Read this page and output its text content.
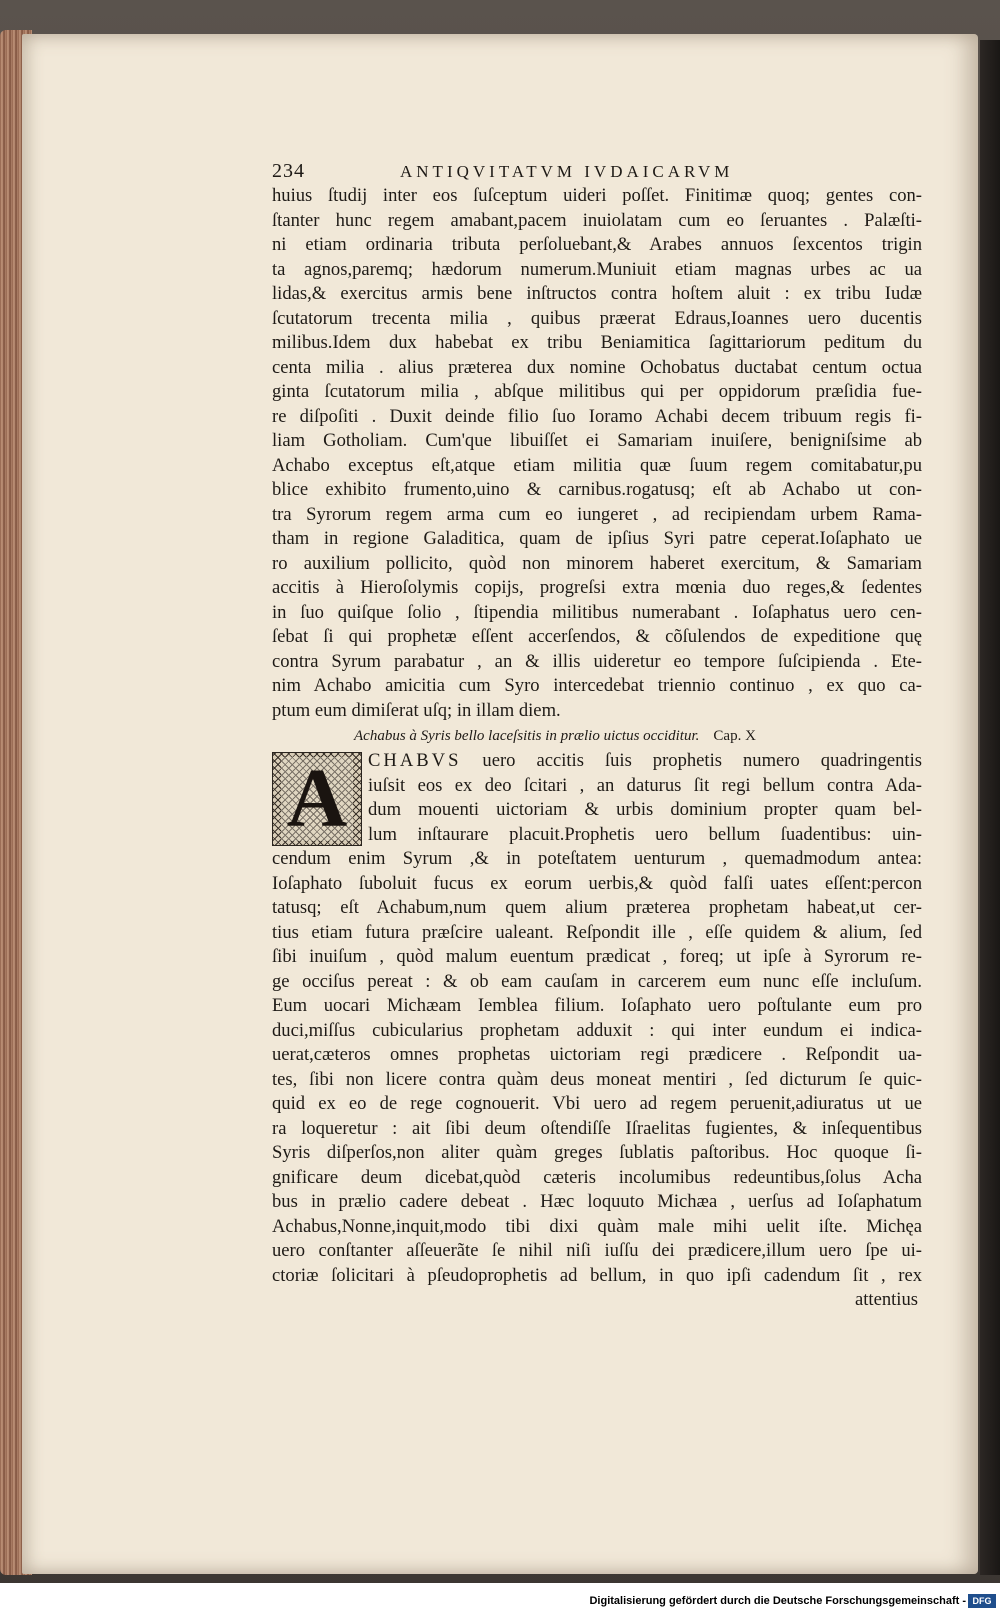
234	ANTIQVITATVM IVDAICARVM
huius ſtudij inter eos ſuſceptum uideri poſſet. Finitimæ quoq; gentes con-
ſtanter hunc regem amabant,pacem inuiolatam cum eo ſeruantes . Palæſti-
ni etiam ordinaria tributa perſoluebant,& Arabes annuos ſexcentos trigin
ta agnos,paremq; hædorum numerum.Muniuit etiam magnas urbes ac ua
lidas,& exercitus armis bene inſtructos contra hoſtem aluit : ex tribu Iudæ
ſcutatorum trecenta milia , quibus præerat Edraus,Ioannes uero ducentis
milibus.Idem dux habebat ex tribu Beniamitica ſagittariorum peditum du
centa milia . alius præterea dux nomine Ochobatus ductabat centum octua
ginta ſcutatorum milia , abſque militibus qui per oppidorum præſidia fue-
re diſpoſiti . Duxit deinde filio ſuo Ioramo Achabi decem tribuum regis fi-
liam Gotholiam. Cum'que libuiſſet ei Samariam inuiſere, benigniſsime ab
Achabo exceptus eſt,atque etiam militia quæ ſuum regem comitabatur,pu
blice exhibito frumento,uino & carnibus.rogatusq; eſt ab Achabo ut con-
tra Syrorum regem arma cum eo iungeret , ad recipiendam urbem Rama-
tham in regione Galaditica, quam de ipſius Syri patre ceperat.Ioſaphato ue
ro auxilium pollicito, quòd non minorem haberet exercitum, & Samariam
accitis à Hieroſolymis copijs, progreſsi extra mœnia duo reges,& ſedentes
in ſuo quiſque ſolio , ſtipendia militibus numerabant . Ioſaphatus uero cen-
ſebat ſi qui prophetæ eſſent accerſendos, & cõſulendos de expeditione quę
contra Syrum parabatur , an & illis uideretur eo tempore ſuſcipienda . Ete-
nim Achabo amicitia cum Syro intercedebat triennio continuo , ex quo ca-
ptum eum dimiſerat uſq; in illam diem.
Achabus à Syris bello laceſsitis in prælio uictus occiditur. Cap. X
A	CHABVS uero accitis ſuis prophetis numero quadringentis
iuſsit eos ex deo ſcitari , an daturus ſit regi bellum contra Ada-
dum mouenti uictoriam & urbis dominium propter quam bel-
lum inſtaurare placuit.Prophetis uero bellum ſuadentibus: uin-
cendum enim Syrum ,& in poteſtatem uenturum , quemadmodum antea:
Ioſaphato ſuboluit fucus ex eorum uerbis,& quòd falſi uates eſſent:percon
tatusq; eſt Achabum,num quem alium præterea prophetam habeat,ut cer-
tius etiam futura præſcire ualeant. Reſpondit ille , eſſe quidem & alium, ſed
ſibi inuiſum , quòd malum euentum prædicat , foreq; ut ipſe à Syrorum re-
ge occiſus pereat : & ob eam cauſam in carcerem eum nunc eſſe incluſum.
Eum uocari Michæam Iemblea filium. Ioſaphato uero poſtulante eum pro
duci,miſſus cubicularius prophetam adduxit : qui inter eundum ei indica-
uerat,cæteros omnes prophetas uictoriam regi prædicere . Reſpondit ua-
tes, ſibi non licere contra quàm deus moneat mentiri , ſed dicturum ſe quic-
quid ex eo de rege cognouerit. Vbi uero ad regem peruenit,adiuratus ut ue
ra loqueretur : ait ſibi deum oſtendiſſe Iſraelitas fugientes, & inſequentibus
Syris diſperſos,non aliter quàm greges ſublatis paſtoribus. Hoc quoque ſi-
gnificare deum dicebat,quòd cæteris incolumibus redeuntibus,ſolus Acha
bus in prælio cadere debeat . Hæc loquuto Michæa , uerſus ad Ioſaphatum
Achabus,Nonne,inquit,modo tibi dixi quàm male mihi uelit iſte. Michęa
uero conſtanter aſſeuerãte ſe nihil niſi iuſſu dei prædicere,illum uero ſpe ui-
ctoriæ ſolicitari à pſeudoprophetis ad bellum, in quo ipſi cadendum ſit , rex
attentius
Digitalisierung gefördert durch die Deutsche Forschungsgemeinschaft - DFG
